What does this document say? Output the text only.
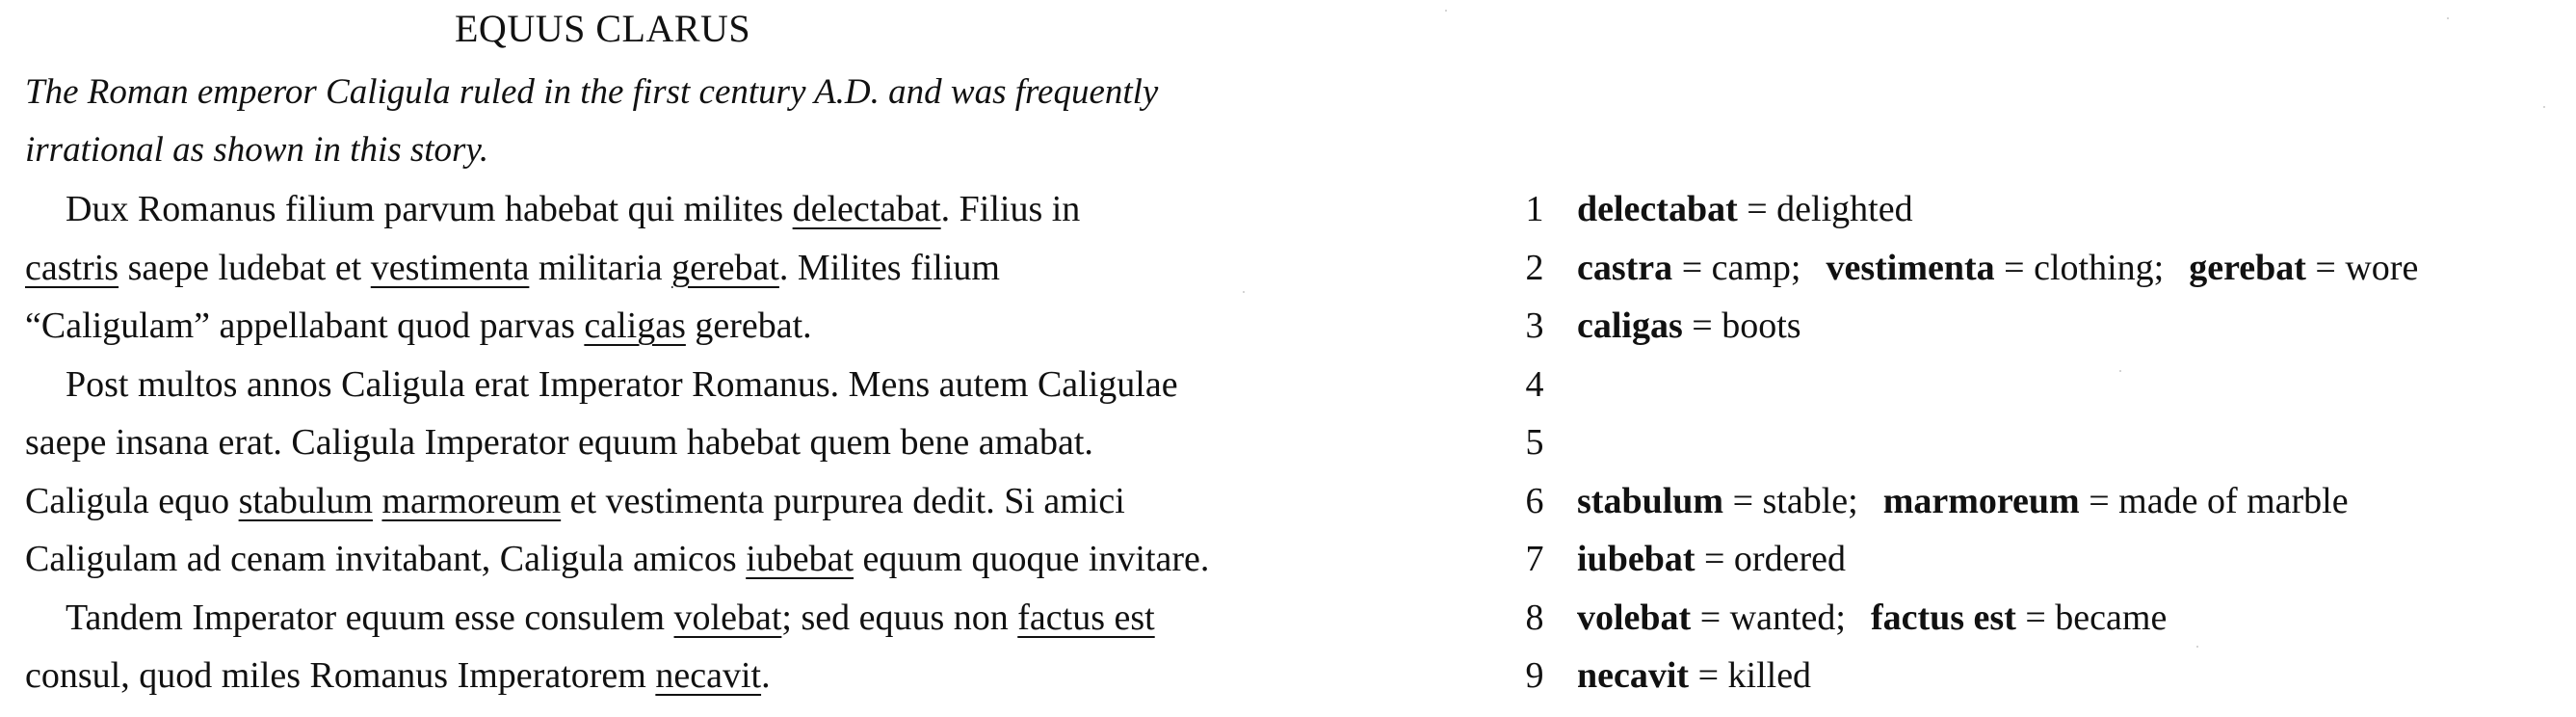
EQUUS CLARUS
The Roman emperor Caligula ruled in the first century A.D. and was frequently
irrational as shown in this story.
Dux Romanus filium parvum habebat qui milites delectabat. Filius in
castris saepe ludebat et vestimenta militaria gerebat. Milites filium
“Caligulam” appellabant quod parvas caligas gerebat.
Post multos annos Caligula erat Imperator Romanus. Mens autem Caligulae
saepe insana erat. Caligula Imperator equum habebat quem bene amabat.
Caligula equo stabulum marmoreum et vestimenta purpurea dedit. Si amici
Caligulam ad cenam invitabant, Caligula amicos iubebat equum quoque invitare.
Tandem Imperator equum esse consulem volebat; sed equus non factus est
consul, quod miles Romanus Imperatorem necavit.
1
2
3
4
5
6
7
8
9
delectabat = delighted
castra = camp; vestimenta = clothing; gerebat = wore
caligas = boots
stabulum = stable; marmoreum = made of marble
iubebat = ordered
volebat = wanted; factus est = became
necavit = killed
